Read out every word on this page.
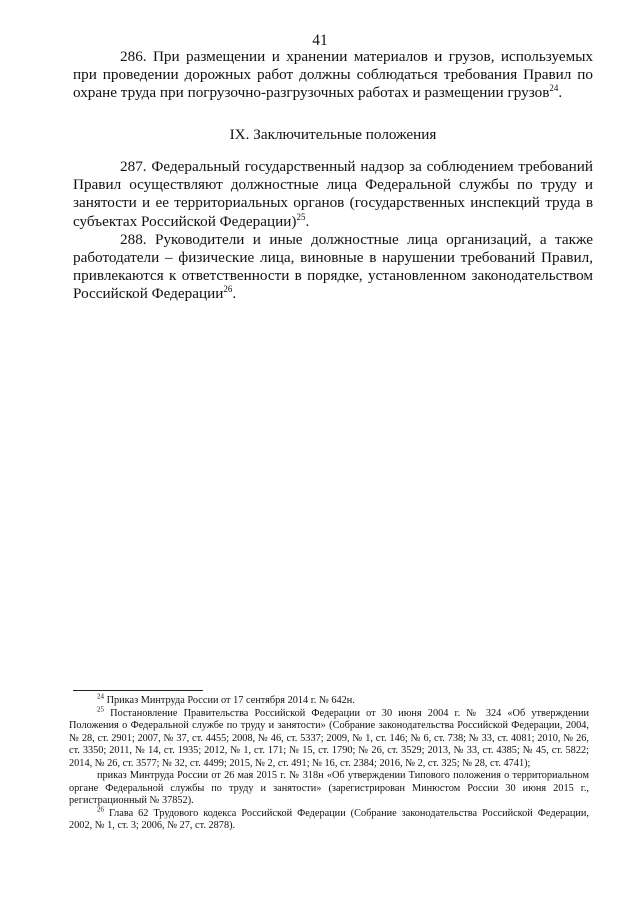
41

286. При размещении и хранении материалов и грузов, используемых при проведении дорожных работ должны соблюдаться требования Правил по охране труда при погрузочно-разгрузочных работах и размещении грузов$^{24}$.

IX. Заключительные положения

287. Федеральный государственный надзор за соблюдением требований Правил осуществляют должностные лица Федеральной службы по труду и занятости и ее территориальных органов (государственных инспекций труда в субъектах Российской Федерации)$^{25}$.

288. Руководители и иные должностные лица организаций, а также работодатели – физические лица, виновные в нарушении требований Правил, привлекаются к ответственности в порядке, установленном законодательством Российской Федерации$^{26}$.

$^{24}$ Приказ Минтруда России от 17 сентября 2014 г. № 642н.

$^{25}$ Постановление Правительства Российской Федерации от 30 июня 2004 г. № 324 «Об утверждении Положения о Федеральной службе по труду и занятости» (Собрание законодательства Российской Федерации, 2004, № 28, ст. 2901; 2007, № 37, ст. 4455; 2008, № 46, ст. 5337; 2009, № 1, ст. 146; № 6, ст. 738; № 33, ст. 4081; 2010, № 26, ст. 3350; 2011, № 14, ст. 1935; 2012, № 1, ст. 171; № 15, ст. 1790; № 26, ст. 3529; 2013, № 33, ст. 4385; № 45, ст. 5822; 2014, № 26, ст. 3577; № 32, ст. 4499; 2015, № 2, ст. 491; № 16, ст. 2384; 2016, № 2, ст. 325; № 28, ст. 4741);

приказ Минтруда России от 26 мая 2015 г. № 318н «Об утверждении Типового положения о территориальном органе Федеральной службы по труду и занятости» (зарегистрирован Минюстом России 30 июня 2015 г., регистрационный № 37852).

$^{26}$ Глава 62 Трудового кодекса Российской Федерации (Собрание законодательства Российской Федерации, 2002, № 1, ст. 3; 2006, № 27, ст. 2878).
